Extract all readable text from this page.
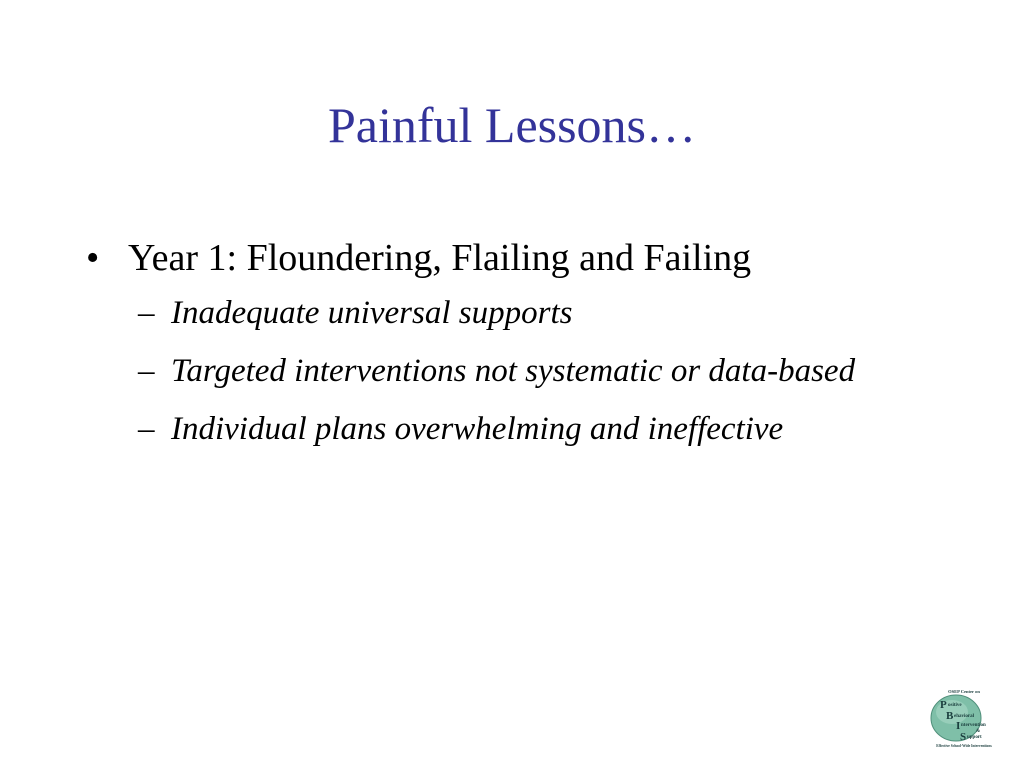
Painful Lessons…
• Year 1: Floundering, Flailing and Failing
– Inadequate universal supports
– Targeted interventions not systematic or data-based
– Individual plans overwhelming and ineffective
OSEP Center on
P ositive
B ehavioral
I ntervention
&
S upport
Effective School-Wide Interventions
